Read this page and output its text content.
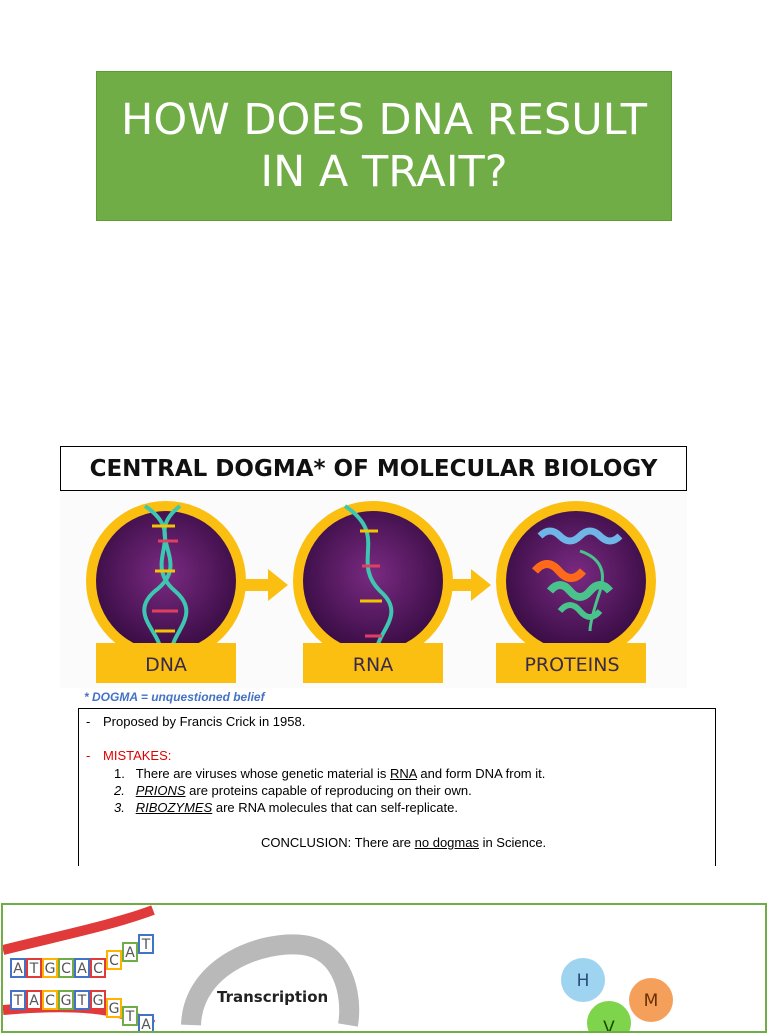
HOW DOES DNA RESULT
IN A TRAIT?
CENTRAL DOGMA* OF MOLECULAR BIOLOGY
DNA	RNA	PROTEINS
* DOGMA = unquestioned belief
- Proposed by Francis Crick in 1958.
- MISTAKES:
1.   There are viruses whose genetic material is RNA and form DNA from it.
2. PRIONS are proteins capable of reproducing on their own.
3. RIBOZYMES are RNA molecules that can self-replicate.
CONCLUSION: There are no dogmas in Science.
A T G C A C C A T
T A C G T G G T A
Transcription
H
M
V
